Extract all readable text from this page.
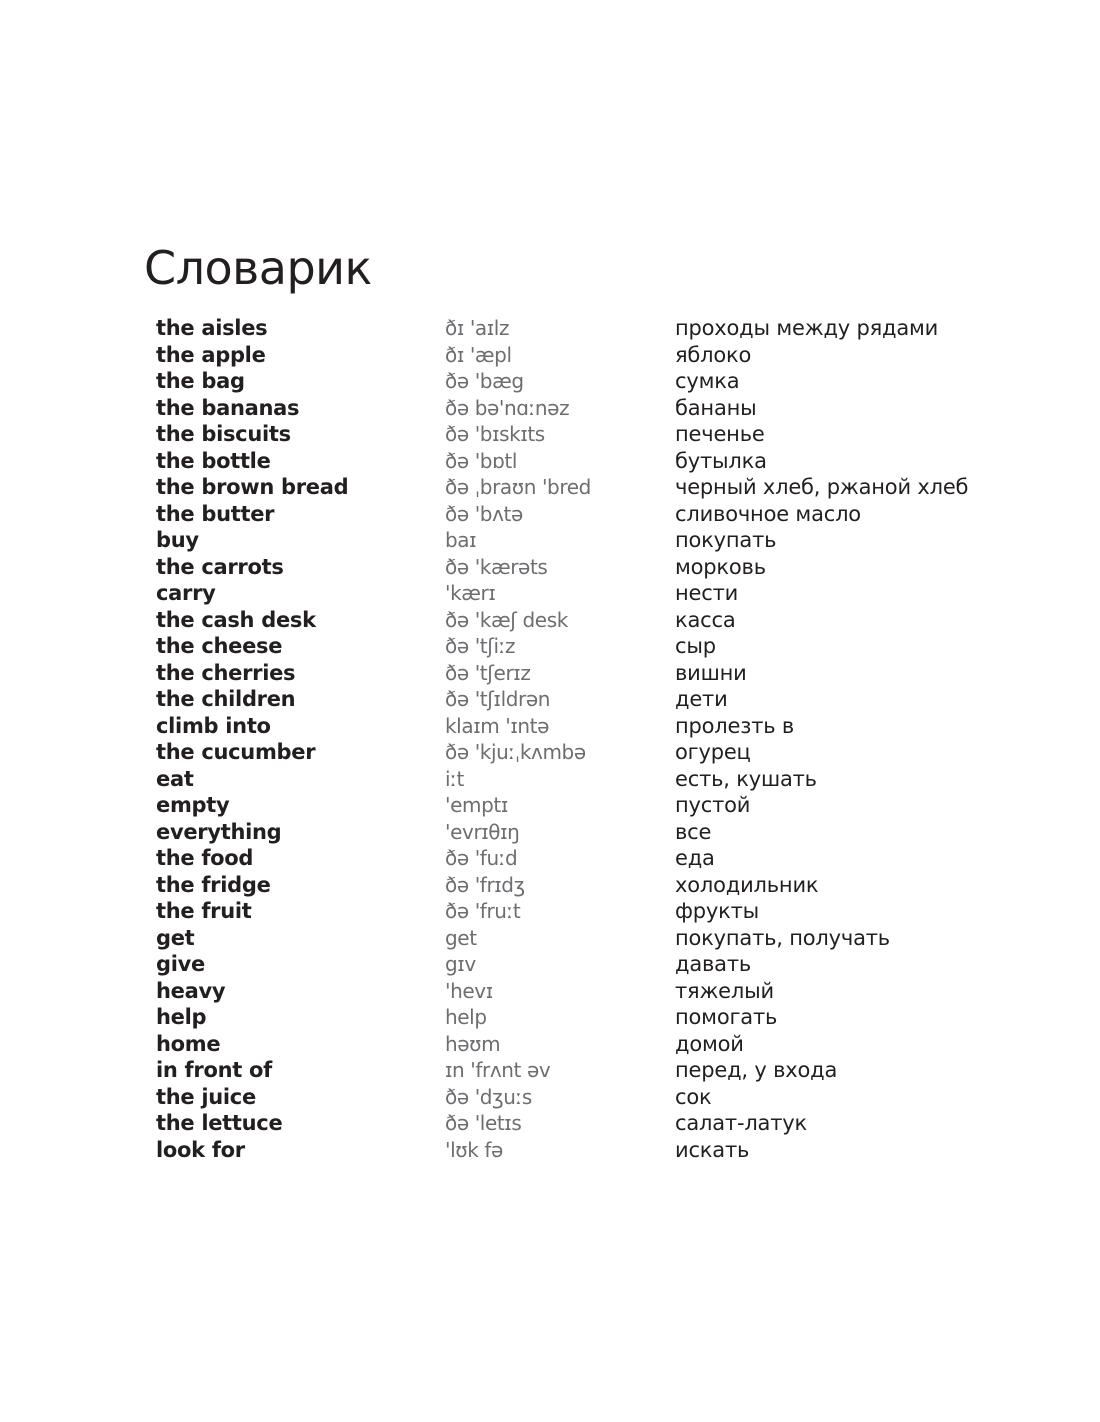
Словарик
the aisles	ðɪ 'aɪlz	проходы между рядами
the apple	ðɪ 'æpl	яблоко
the bag	ðə 'bæg	сумка
the bananas	ðə bə'nɑːnəz	бананы
the biscuits	ðə 'bɪskɪts	печенье
the bottle	ðə 'bɒtl	бутылка
the brown bread	ðə ˌbraʊn 'bred	черный хлеб, ржаной хлеб
the butter	ðə 'bʌtə	сливочное масло
buy	baɪ	покупать
the carrots	ðə 'kærəts	морковь
carry	'kærɪ	нести
the cash desk	ðə 'kæʃ desk	касса
the cheese	ðə 'tʃiːz	сыр
the cherries	ðə 'tʃerɪz	вишни
the children	ðə 'tʃɪldrən	дети
climb into	klaɪm 'ɪntə	пролезть в
the cucumber	ðə 'kjuːˌkʌmbə	огурец
eat	iːt	есть, кушать
empty	'emptɪ	пустой
everything	'evrɪθɪŋ	все
the food	ðə 'fuːd	еда
the fridge	ðə 'frɪdʒ	холодильник
the fruit	ðə 'fruːt	фрукты
get	get	покупать, получать
give	gɪv	давать
heavy	'hevɪ	тяжелый
help	help	помогать
home	həʊm	домой
in front of	ɪn 'frʌnt əv	перед, у входа
the juice	ðə 'dʒuːs	сок
the lettuce	ðə 'letɪs	салат-латук
look for	'lʊk fə	искать
